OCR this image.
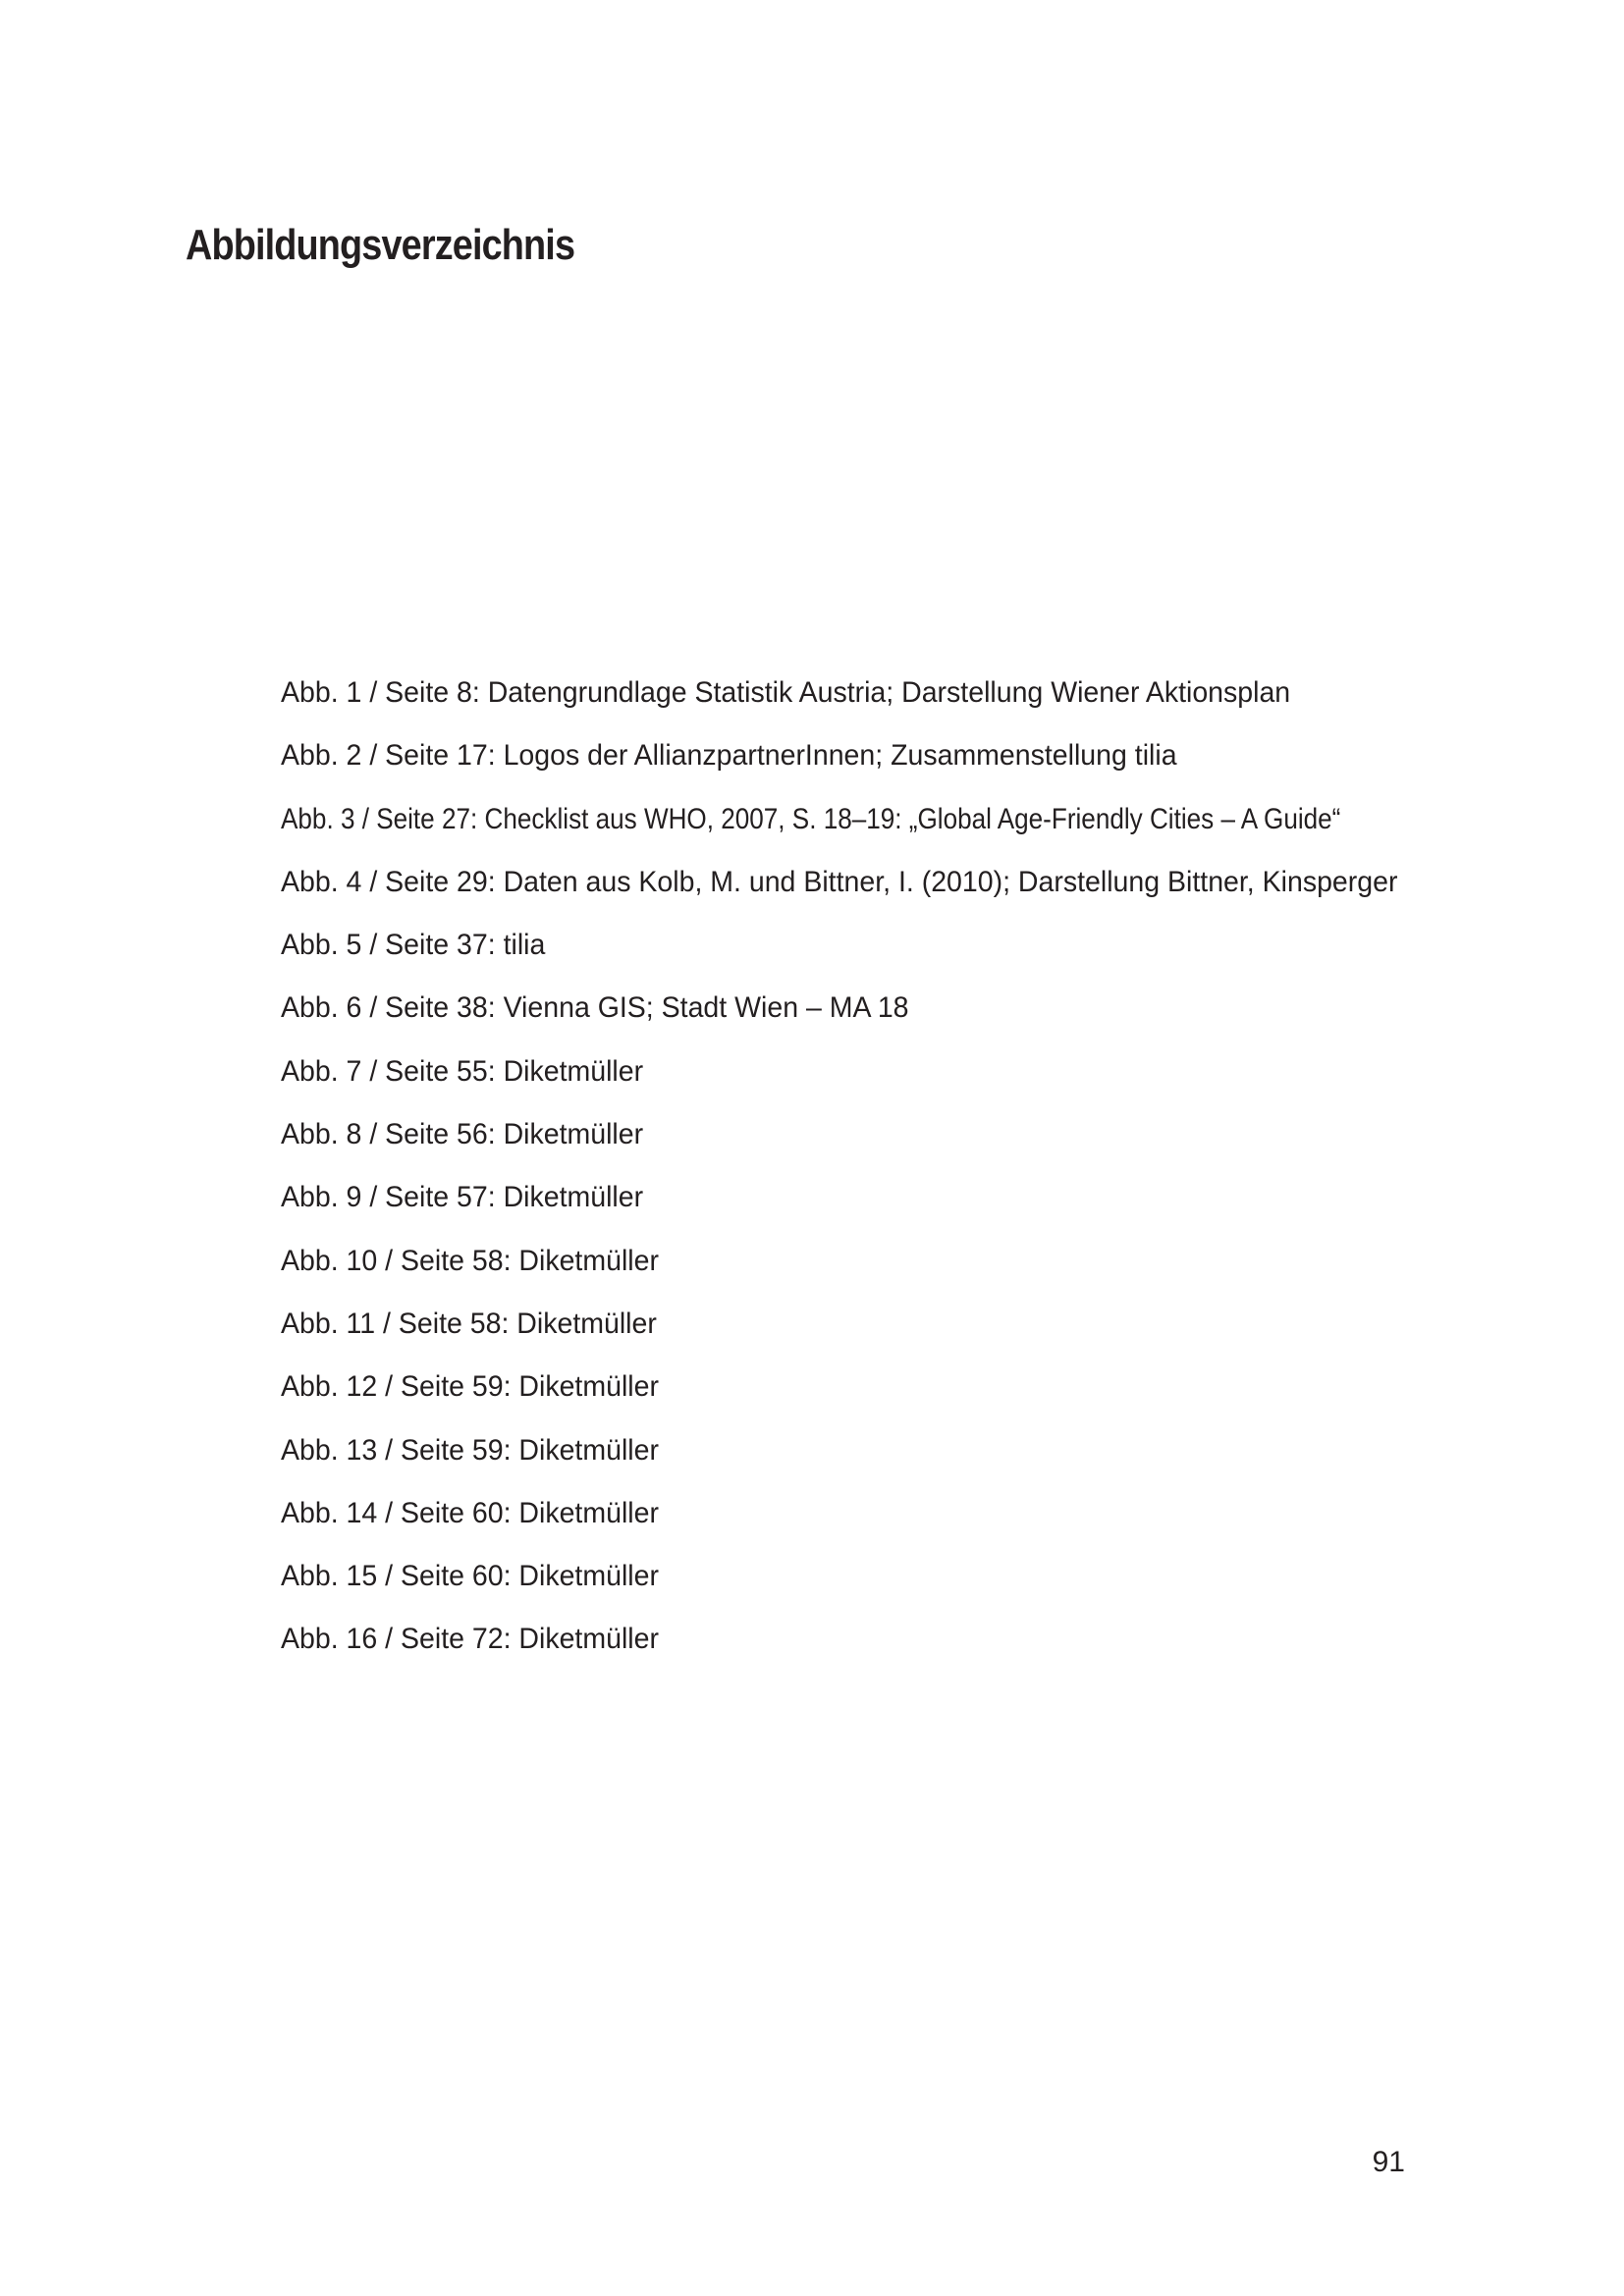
Abbildungsverzeichnis
Abb. 1 / Seite 8: Datengrundlage Statistik Austria; Darstellung Wiener Aktionsplan
Abb. 2 / Seite 17: Logos der AllianzpartnerInnen; Zusammenstellung tilia
Abb. 3 / Seite 27: Checklist aus WHO, 2007, S. 18–19: „Global Age-Friendly Cities – A Guide“
Abb. 4 / Seite 29: Daten aus Kolb, M. und Bittner, I. (2010); Darstellung Bittner, Kinsperger
Abb. 5 / Seite 37: tilia
Abb. 6 / Seite 38: Vienna GIS; Stadt Wien – MA 18
Abb. 7 / Seite 55: Diketmüller
Abb. 8 / Seite 56: Diketmüller
Abb. 9 / Seite 57: Diketmüller
Abb. 10 / Seite 58: Diketmüller
Abb. 11 / Seite 58: Diketmüller
Abb. 12 / Seite 59: Diketmüller
Abb. 13 / Seite 59: Diketmüller
Abb. 14 / Seite 60: Diketmüller
Abb. 15 / Seite 60: Diketmüller
Abb. 16 / Seite 72: Diketmüller
91
